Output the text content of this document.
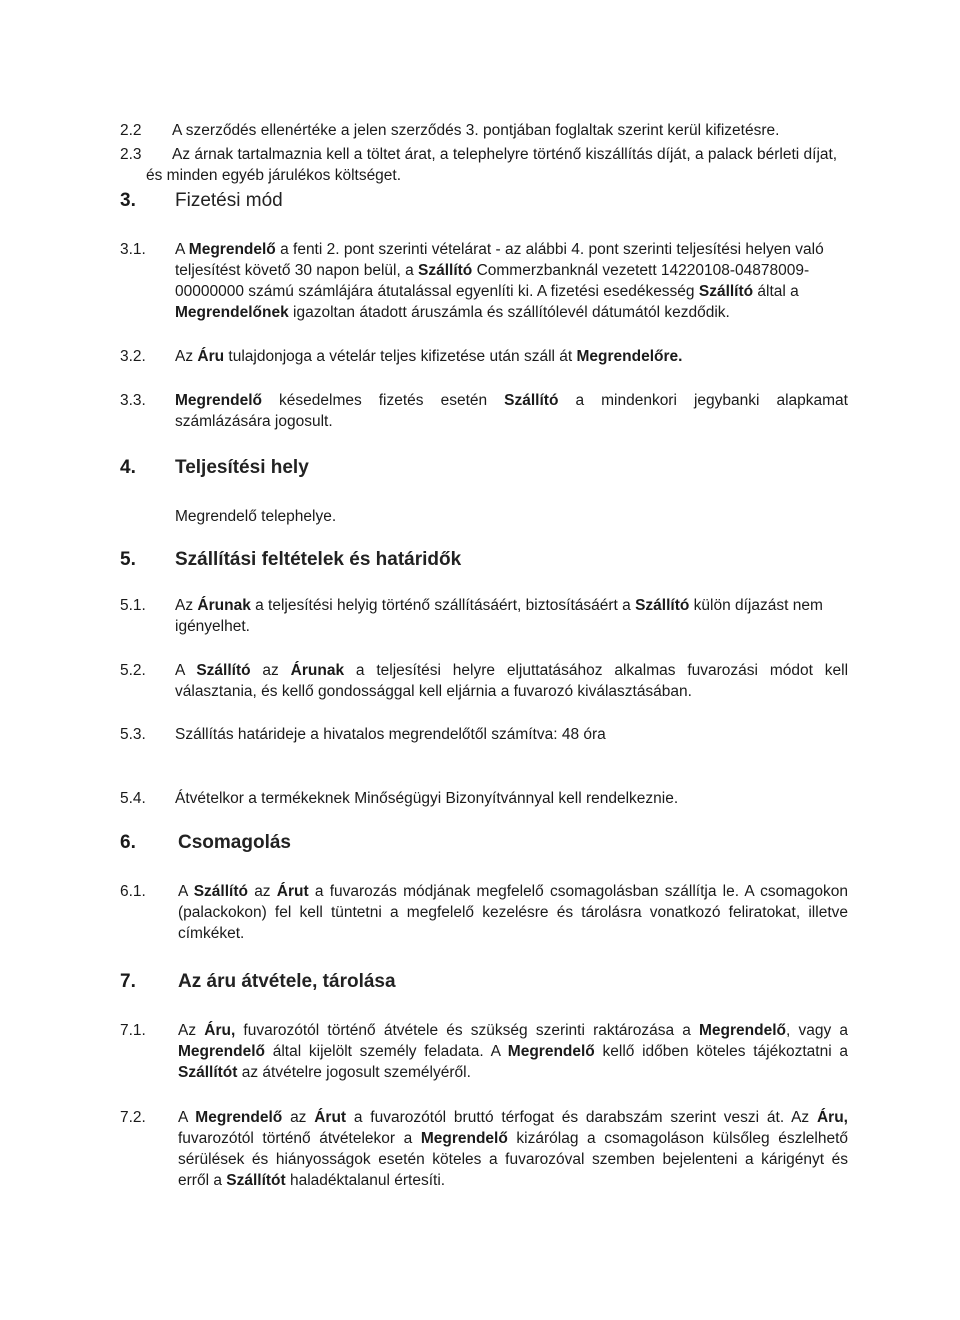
2.2	A szerződés ellenértéke a jelen szerződés 3. pontjában foglaltak szerint kerül kifizetésre.
2.3	Az árnak tartalmaznia kell a töltet árat, a telephelyre történő kiszállítás díját, a palack bérleti díjat,
és minden egyéb járulékos költséget.
3.	Fizetési mód
3.1.	A Megrendelő a fenti 2. pont szerinti vételárat - az alábbi 4. pont szerinti teljesítési helyen való
teljesítést követő 30 napon belül, a Szállító Commerzbanknál vezetett 14220108-04878009-
00000000 számú számlájára átutalással egyenlíti ki. A fizetési esedékesség Szállító által a
Megrendelőnek igazoltan átadott áruszámla és szállítólevél dátumától kezdődik.
3.2.	Az Áru tulajdonjoga a vételár teljes kifizetése után száll át Megrendelőre.
3.3.	Megrendelő késedelmes fizetés esetén Szállító a mindenkori jegybanki alapkamat
számlázására jogosult.
4.	Teljesítési hely
Megrendelő telephelye.
5.	Szállítási feltételek és határidők
5.1.	Az Árunak a teljesítési helyig történő szállításáért, biztosításáért a Szállító külön díjazást nem
igényelhet.
5.2.	A Szállító az Árunak a teljesítési helyre eljuttatásához alkalmas fuvarozási módot kell
választania, és kellő gondossággal kell eljárnia a fuvarozó kiválasztásában.
5.3.	Szállítás határideje a hivatalos megrendelőtől számítva: 48 óra
5.4.	Átvételkor a termékeknek Minőségügyi Bizonyítvánnyal kell rendelkeznie.
6.	Csomagolás
6.1.	A Szállító az Árut a fuvarozás módjának megfelelő csomagolásban szállítja le. A csomagokon
(palackokon) fel kell tüntetni a megfelelő kezelésre és tárolásra vonatkozó feliratokat, illetve
címkéket.
7.	Az áru átvétele, tárolása
7.1.	Az Áru, fuvarozótól történő átvétele és szükség szerinti raktározása a Megrendelő, vagy a
Megrendelő által kijelölt személy feladata. A Megrendelő kellő időben köteles tájékoztatni a
Szállítót az átvételre jogosult személyéről.
7.2.	A Megrendelő az Árut a fuvarozótól bruttó térfogat és darabszám szerint veszi át. Az Áru,
fuvarozótól történő átvételekor a Megrendelő kizárólag a csomagoláson külsőleg észlelhető
sérülések és hiányosságok esetén köteles a fuvarozóval szemben bejelenteni a kárigényt és
erről a Szállítót haladéktalanul értesíti.
